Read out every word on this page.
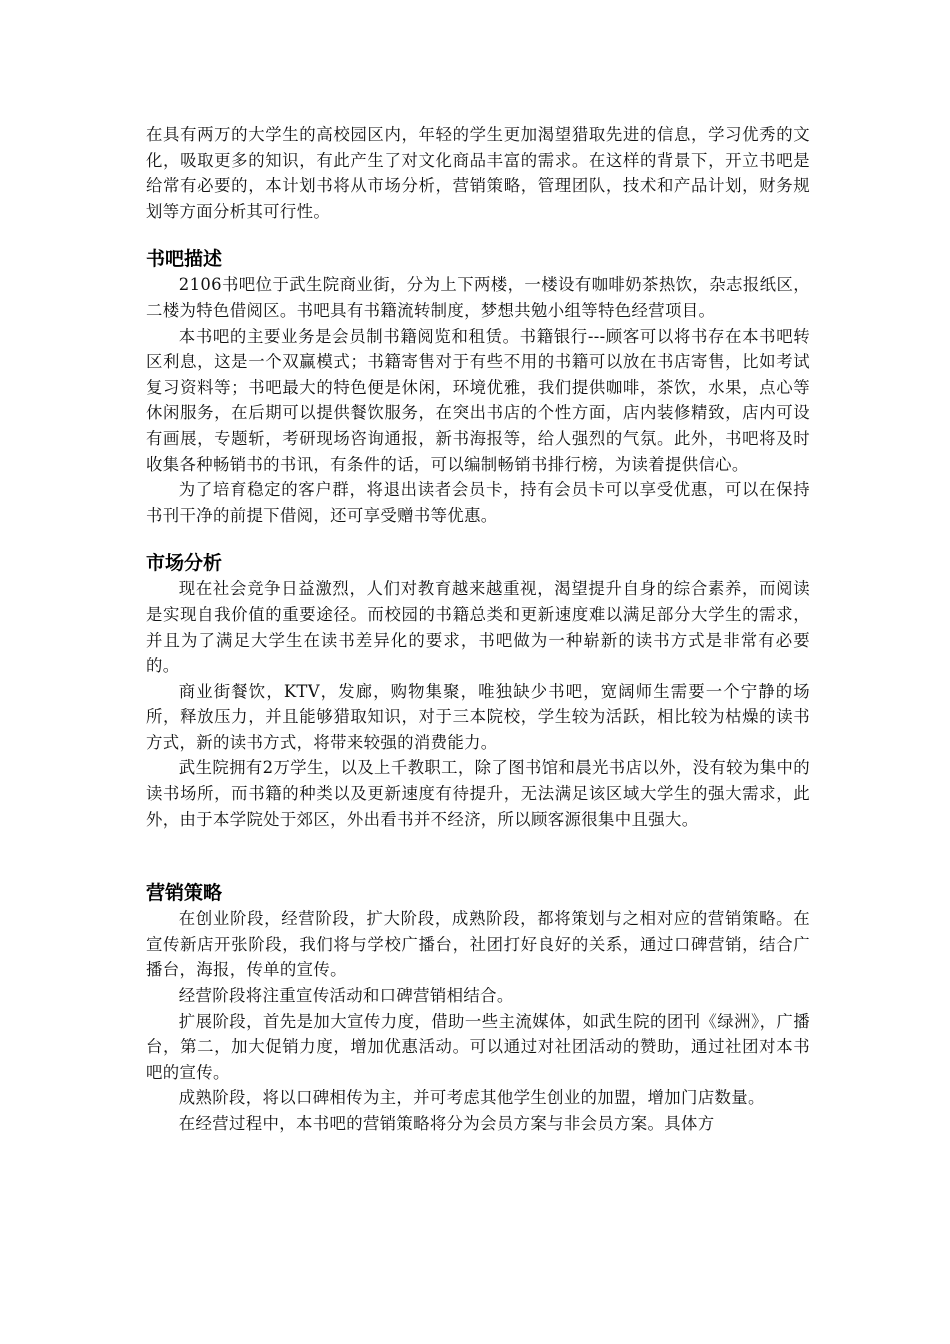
在具有两万的大学生的高校园区内，年轻的学生更加渴望猎取先进的信息，学习优秀的文化，吸取更多的知识，有此产生了对文化商品丰富的需求。在这样的背景下，开立书吧是给常有必要的，本计划书将从市场分析，营销策略，管理团队，技术和产品计划，财务规划等方面分析其可行性。

书吧描述

2106书吧位于武生院商业街，分为上下两楼，一楼设有咖啡奶茶热饮，杂志报纸区，二楼为特色借阅区。书吧具有书籍流转制度，梦想共勉小组等特色经营项目。

本书吧的主要业务是会员制书籍阅览和租赁。书籍银行---顾客可以将书存在本书吧转区利息，这是一个双赢模式；书籍寄售对于有些不用的书籍可以放在书店寄售，比如考试复习资料等；书吧最大的特色便是休闲，环境优雅，我们提供咖啡，茶饮，水果，点心等休闲服务，在后期可以提供餐饮服务，在突出书店的个性方面，店内装修精致，店内可设有画展，专题斩，考研现场咨询通报，新书海报等，给人强烈的气氛。此外，书吧将及时收集各种畅销书的书讯，有条件的话，可以编制畅销书排行榜，为读着提供信心。

为了培育稳定的客户群，将退出读者会员卡，持有会员卡可以享受优惠，可以在保持书刊干净的前提下借阅，还可享受赠书等优惠。

市场分析

现在社会竞争日益激烈，人们对教育越来越重视，渴望提升自身的综合素养，而阅读是实现自我价值的重要途径。而校园的书籍总类和更新速度难以满足部分大学生的需求，并且为了满足大学生在读书差异化的要求，书吧做为一种崭新的读书方式是非常有必要的。

商业街餐饮，KTV，发廊，购物集聚，唯独缺少书吧，宽阔师生需要一个宁静的场所，释放压力，并且能够猎取知识，对于三本院校，学生较为活跃，相比较为枯燥的读书方式，新的读书方式，将带来较强的消费能力。

武生院拥有2万学生，以及上千教职工，除了图书馆和晨光书店以外，没有较为集中的读书场所，而书籍的种类以及更新速度有待提升，无法满足该区域大学生的强大需求，此外，由于本学院处于郊区，外出看书并不经济，所以顾客源很集中且强大。

营销策略

在创业阶段，经营阶段，扩大阶段，成熟阶段，都将策划与之相对应的营销策略。在宣传新店开张阶段，我们将与学校广播台，社团打好良好的关系，通过口碑营销，结合广播台，海报，传单的宣传。

经营阶段将注重宣传活动和口碑营销相结合。

扩展阶段，首先是加大宣传力度，借助一些主流媒体，如武生院的团刊《绿洲》，广播台，第二，加大促销力度，增加优惠活动。可以通过对社团活动的赞助，通过社团对本书吧的宣传。

成熟阶段，将以口碑相传为主，并可考虑其他学生创业的加盟，增加门店数量。

在经营过程中，本书吧的营销策略将分为会员方案与非会员方案。具体方
